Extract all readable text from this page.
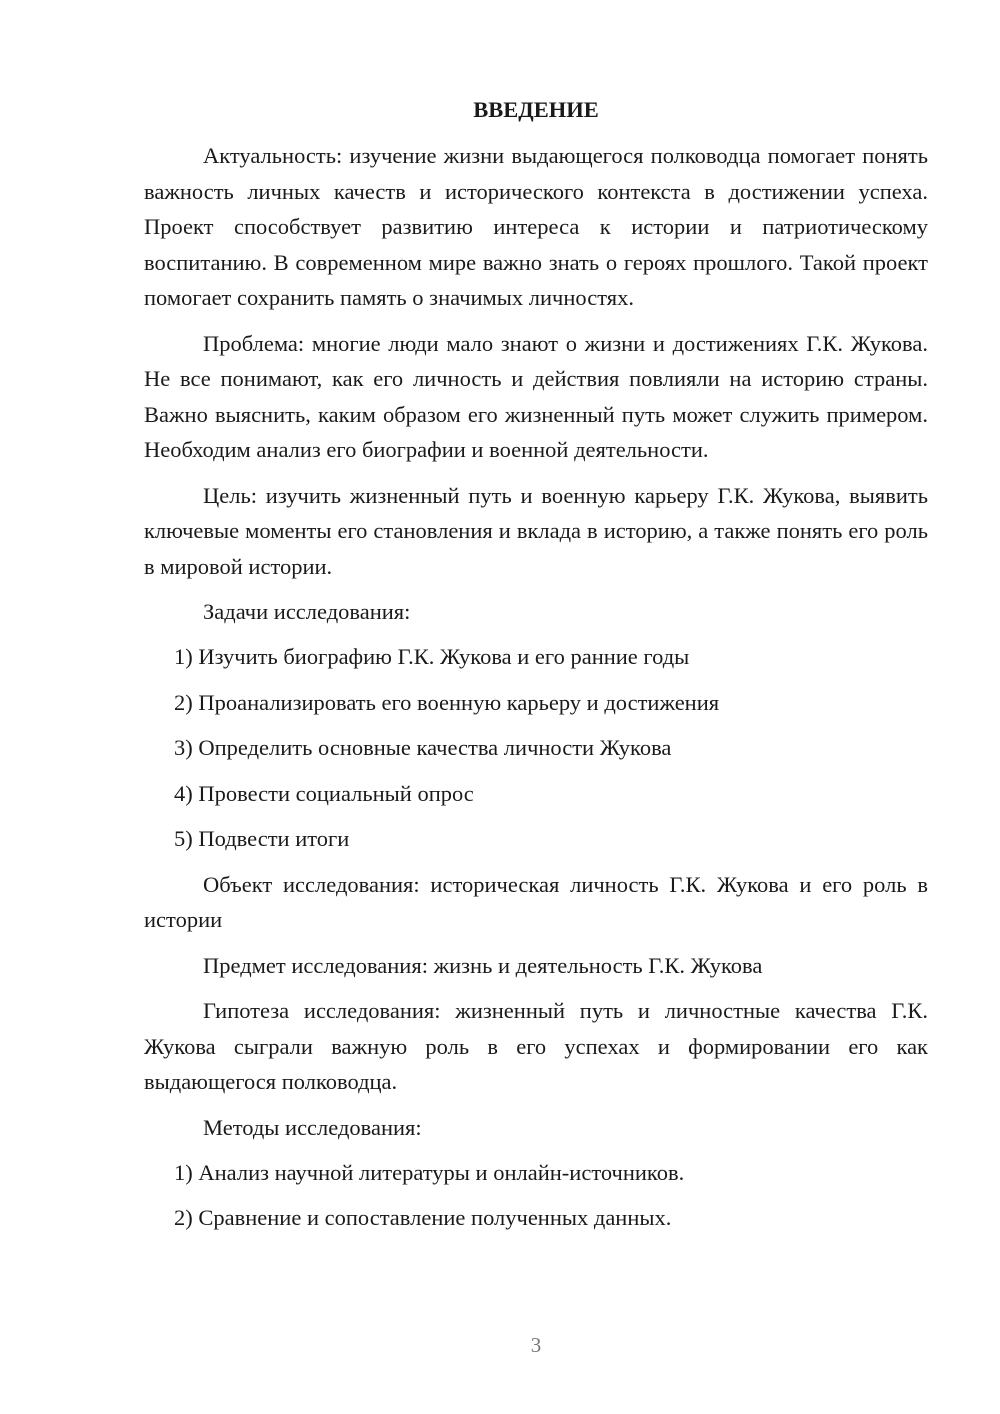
ВВЕДЕНИЕ
Актуальность: изучение жизни выдающегося полководца помогает понять важность личных качеств и исторического контекста в достижении успеха. Проект способствует развитию интереса к истории и патриотическому воспитанию. В современном мире важно знать о героях прошлого. Такой проект помогает сохранить память о значимых личностях.
Проблема: многие люди мало знают о жизни и достижениях Г.К. Жукова. Не все понимают, как его личность и действия повлияли на историю страны. Важно выяснить, каким образом его жизненный путь может служить примером. Необходим анализ его биографии и военной деятельности.
Цель: изучить жизненный путь и военную карьеру Г.К. Жукова, выявить ключевые моменты его становления и вклада в историю, а также понять его роль в мировой истории.
Задачи исследования:
1) Изучить биографию Г.К. Жукова и его ранние годы
2) Проанализировать его военную карьеру и достижения
3) Определить основные качества личности Жукова
4) Провести социальный опрос
5) Подвести итоги
Объект исследования: историческая личность Г.К. Жукова и его роль в истории
Предмет исследования: жизнь и деятельность Г.К. Жукова
Гипотеза исследования: жизненный путь и личностные качества Г.К. Жукова сыграли важную роль в его успехах и формировании его как выдающегося полководца.
Методы исследования:
1) Анализ научной литературы и онлайн-источников.
2) Сравнение и сопоставление полученных данных.
3
